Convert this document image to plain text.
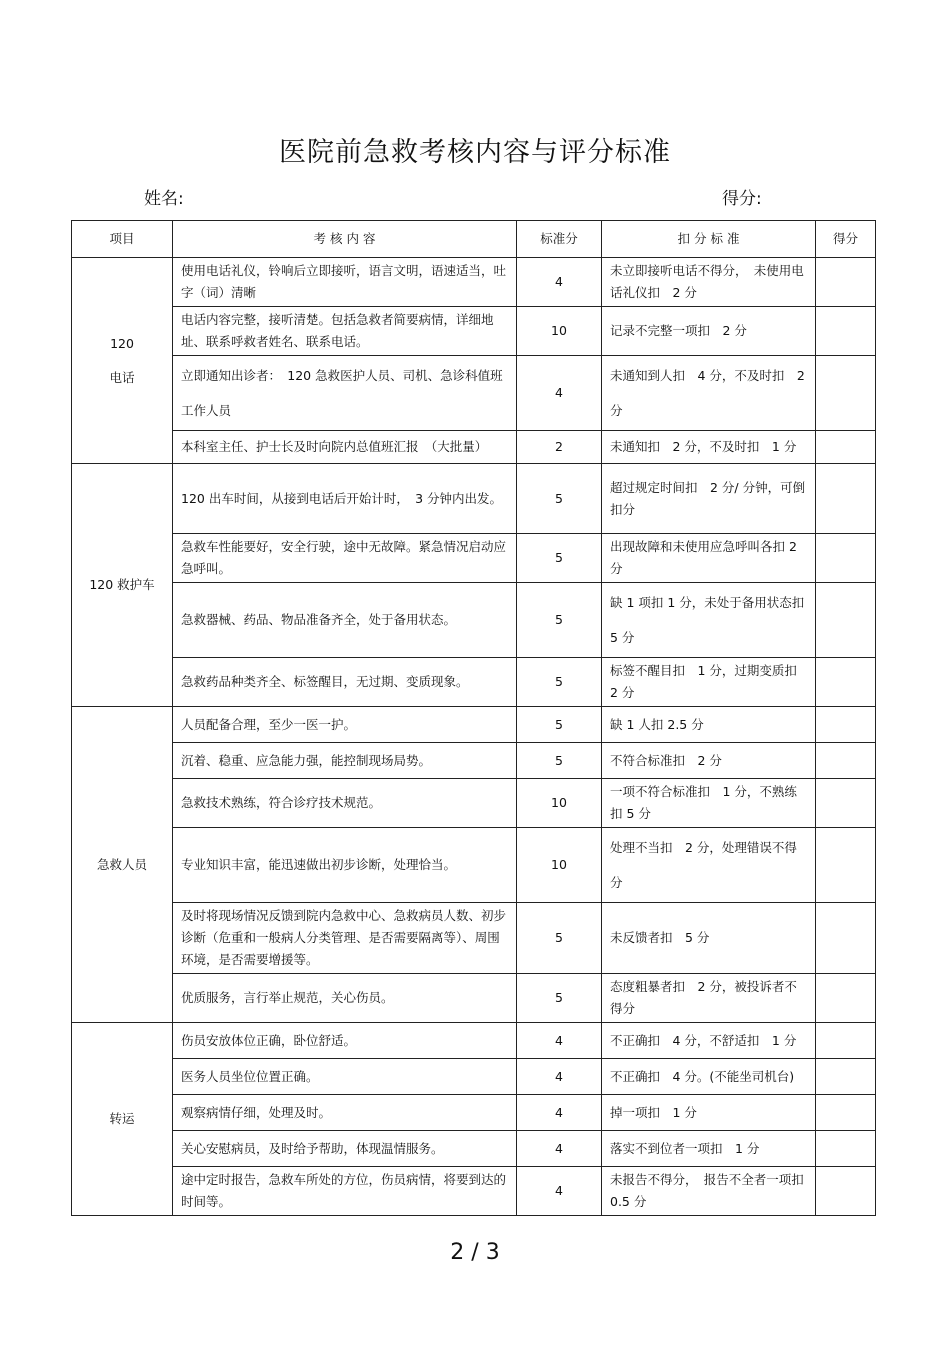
医院前急救考核内容与评分标准
姓名:	得分:
项目	考 核 内 容	标准分	扣 分 标 准	得分

120
电话	使用电话礼仪，铃响后立即接听，语言文明，语速适当，吐字（词）清晰	4	未立即接听电话不得分，　未使用电话礼仪扣　2 分	
	电话内容完整，接听清楚。包括急救者简要病情，详细地址、联系呼救者姓名、联系电话。	10	记录不完整一项扣　2 分	
	立即通知出诊者：　120 急救医护人员、司机、急诊科值班工作人员	4	未通知到人扣　4 分，不及时扣　2 分	
	本科室主任、护士长及时向院内总值班汇报　（大批量）	2	未通知扣　2 分，不及时扣　1 分	

120 救护车	120 出车时间，从接到电话后开始计时，　3 分钟内出发。	5	超过规定时间扣　2 分/ 分钟，可倒扣分	
	急救车性能要好，安全行驶，途中无故障。紧急情况启动应急呼叫。	5	出现故障和未使用应急呼叫各扣 2 分	
	急救器械、药品、物品准备齐全，处于备用状态。	5	缺 1 项扣 1 分，未处于备用状态扣 5 分	
	急救药品种类齐全、标签醒目，无过期、变质现象。	5	标签不醒目扣　1 分，过期变质扣　2 分	

急救人员	人员配备合理，至少一医一护。	5	缺 1 人扣 2.5 分	
	沉着、稳重、应急能力强，能控制现场局势。	5	不符合标准扣　2 分	
	急救技术熟练，符合诊疗技术规范。	10	一项不符合标准扣　1 分，不熟练扣 5 分	
	专业知识丰富，能迅速做出初步诊断，处理恰当。	10	处理不当扣　2 分，处理错误不得分	
	及时将现场情况反馈到院内急救中心、急救病员人数、初步诊断（危重和一般病人分类管理、是否需要隔离等）、周围环境，是否需要增援等。	5	未反馈者扣　5 分	
	优质服务，言行举止规范，关心伤员。	5	态度粗暴者扣　2 分，被投诉者不得分	

转运	伤员安放体位正确，卧位舒适。	4	不正确扣　4 分，不舒适扣　1 分	
	医务人员坐位位置正确。	4	不正确扣　4 分。(不能坐司机台)	
	观察病情仔细，处理及时。	4	掉一项扣　1 分	
	关心安慰病员，及时给予帮助，体现温情服务。	4	落实不到位者一项扣　1 分	
	途中定时报告，急救车所处的方位，伤员病情，将要到达的时间等。	4	未报告不得分，　报告不全者一项扣 0.5 分	
2 / 3
